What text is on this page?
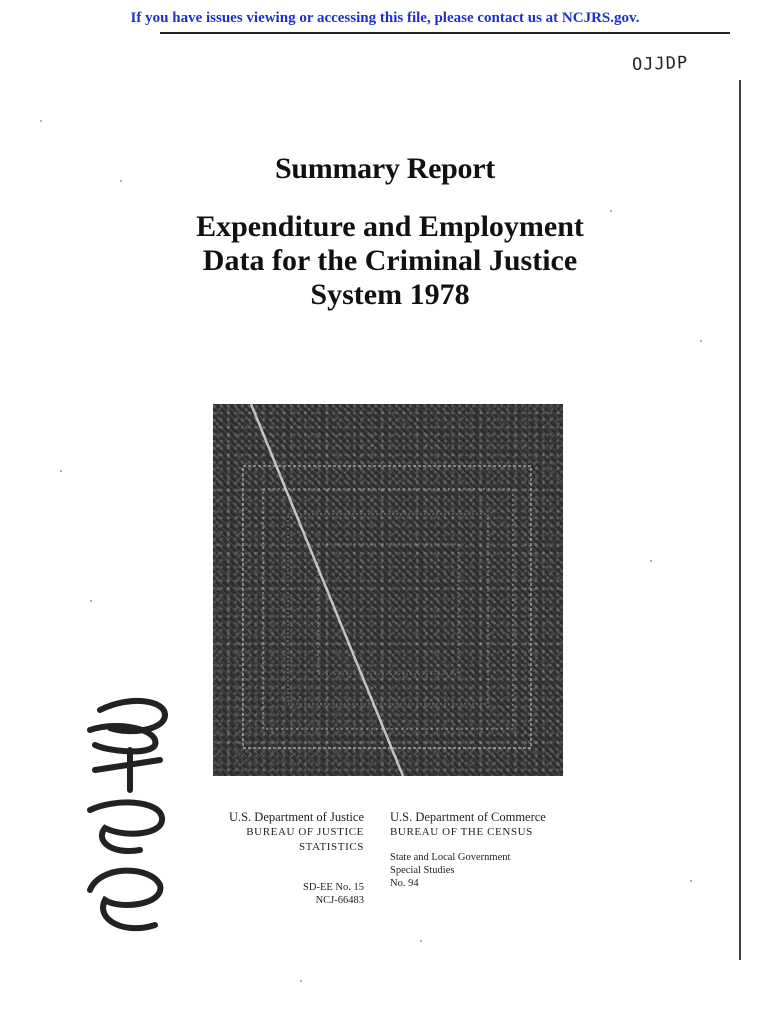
If you have issues viewing or accessing this file, please contact us at NCJRS.gov.
OJJDP
Summary Report
Expenditure and Employment
Data for the Criminal Justice
System 1978
U.S. Department of Justice
BUREAU OF JUSTICE STATISTICS
SD-EE No. 15
NCJ-66483
U.S. Department of Commerce
BUREAU OF THE CENSUS
State and Local Government
Special Studies
No. 94
66483
